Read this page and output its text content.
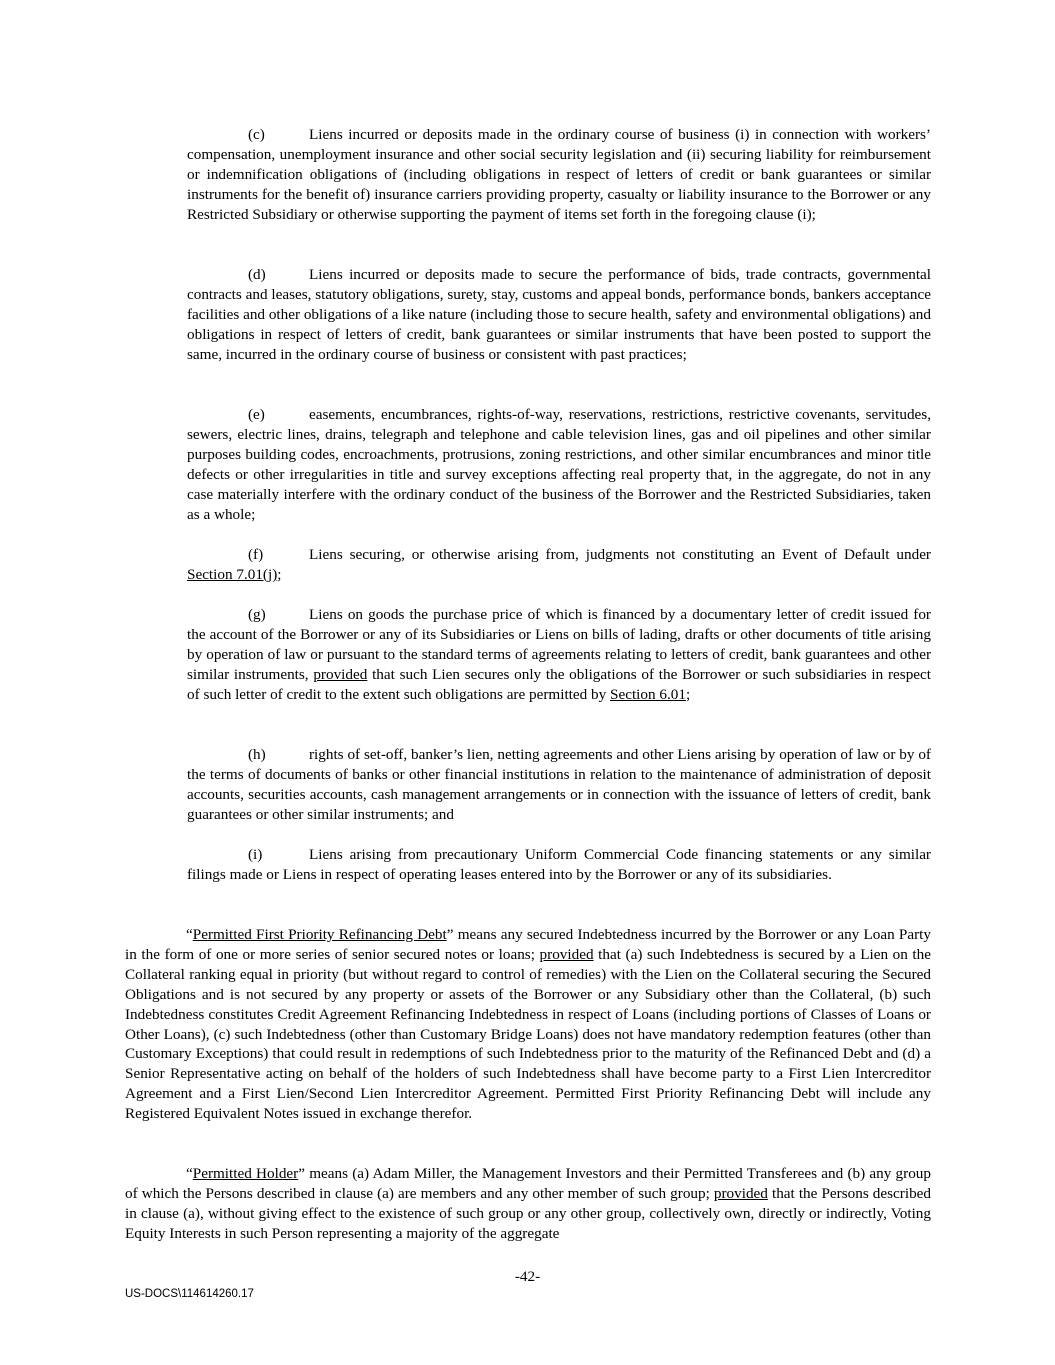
(c)	Liens incurred or deposits made in the ordinary course of business (i) in connection with workers’ compensation, unemployment insurance and other social security legislation and (ii) securing liability for reimbursement or indemnification obligations of (including obligations in respect of letters of credit or bank guarantees or similar instruments for the benefit of) insurance carriers providing property, casualty or liability insurance to the Borrower or any Restricted Subsidiary or otherwise supporting the payment of items set forth in the foregoing clause (i);
(d)	Liens incurred or deposits made to secure the performance of bids, trade contracts, governmental contracts and leases, statutory obligations, surety, stay, customs and appeal bonds, performance bonds, bankers acceptance facilities and other obligations of a like nature (including those to secure health, safety and environmental obligations) and obligations in respect of letters of credit, bank guarantees or similar instruments that have been posted to support the same, incurred in the ordinary course of business or consistent with past practices;
(e)	easements, encumbrances, rights-of-way, reservations, restrictions, restrictive covenants, servitudes, sewers, electric lines, drains, telegraph and telephone and cable television lines, gas and oil pipelines and other similar purposes building codes, encroachments, protrusions, zoning restrictions, and other similar encumbrances and minor title defects or other irregularities in title and survey exceptions affecting real property that, in the aggregate, do not in any case materially interfere with the ordinary conduct of the business of the Borrower and the Restricted Subsidiaries, taken as a whole;
(f)	Liens securing, or otherwise arising from, judgments not constituting an Event of Default under Section 7.01(j);
(g)	Liens on goods the purchase price of which is financed by a documentary letter of credit issued for the account of the Borrower or any of its Subsidiaries or Liens on bills of lading, drafts or other documents of title arising by operation of law or pursuant to the standard terms of agreements relating to letters of credit, bank guarantees and other similar instruments, provided that such Lien secures only the obligations of the Borrower or such subsidiaries in respect of such letter of credit to the extent such obligations are permitted by Section 6.01;
(h)	rights of set-off, banker’s lien, netting agreements and other Liens arising by operation of law or by of the terms of documents of banks or other financial institutions in relation to the maintenance of administration of deposit accounts, securities accounts, cash management arrangements or in connection with the issuance of letters of credit, bank guarantees or other similar instruments; and
(i)	Liens arising from precautionary Uniform Commercial Code financing statements or any similar filings made or Liens in respect of operating leases entered into by the Borrower or any of its subsidiaries.
“Permitted First Priority Refinancing Debt” means any secured Indebtedness incurred by the Borrower or any Loan Party in the form of one or more series of senior secured notes or loans; provided that (a) such Indebtedness is secured by a Lien on the Collateral ranking equal in priority (but without regard to control of remedies) with the Lien on the Collateral securing the Secured Obligations and is not secured by any property or assets of the Borrower or any Subsidiary other than the Collateral, (b) such Indebtedness constitutes Credit Agreement Refinancing Indebtedness in respect of Loans (including portions of Classes of Loans or Other Loans), (c) such Indebtedness (other than Customary Bridge Loans) does not have mandatory redemption features (other than Customary Exceptions) that could result in redemptions of such Indebtedness prior to the maturity of the Refinanced Debt and (d) a Senior Representative acting on behalf of the holders of such Indebtedness shall have become party to a First Lien Intercreditor Agreement and a First Lien/Second Lien Intercreditor Agreement. Permitted First Priority Refinancing Debt will include any Registered Equivalent Notes issued in exchange therefor.
“Permitted Holder” means (a) Adam Miller, the Management Investors and their Permitted Transferees and (b) any group of which the Persons described in clause (a) are members and any other member of such group; provided that the Persons described in clause (a), without giving effect to the existence of such group or any other group, collectively own, directly or indirectly, Voting Equity Interests in such Person representing a majority of the aggregate
-42-
US-DOCS\114614260.17
